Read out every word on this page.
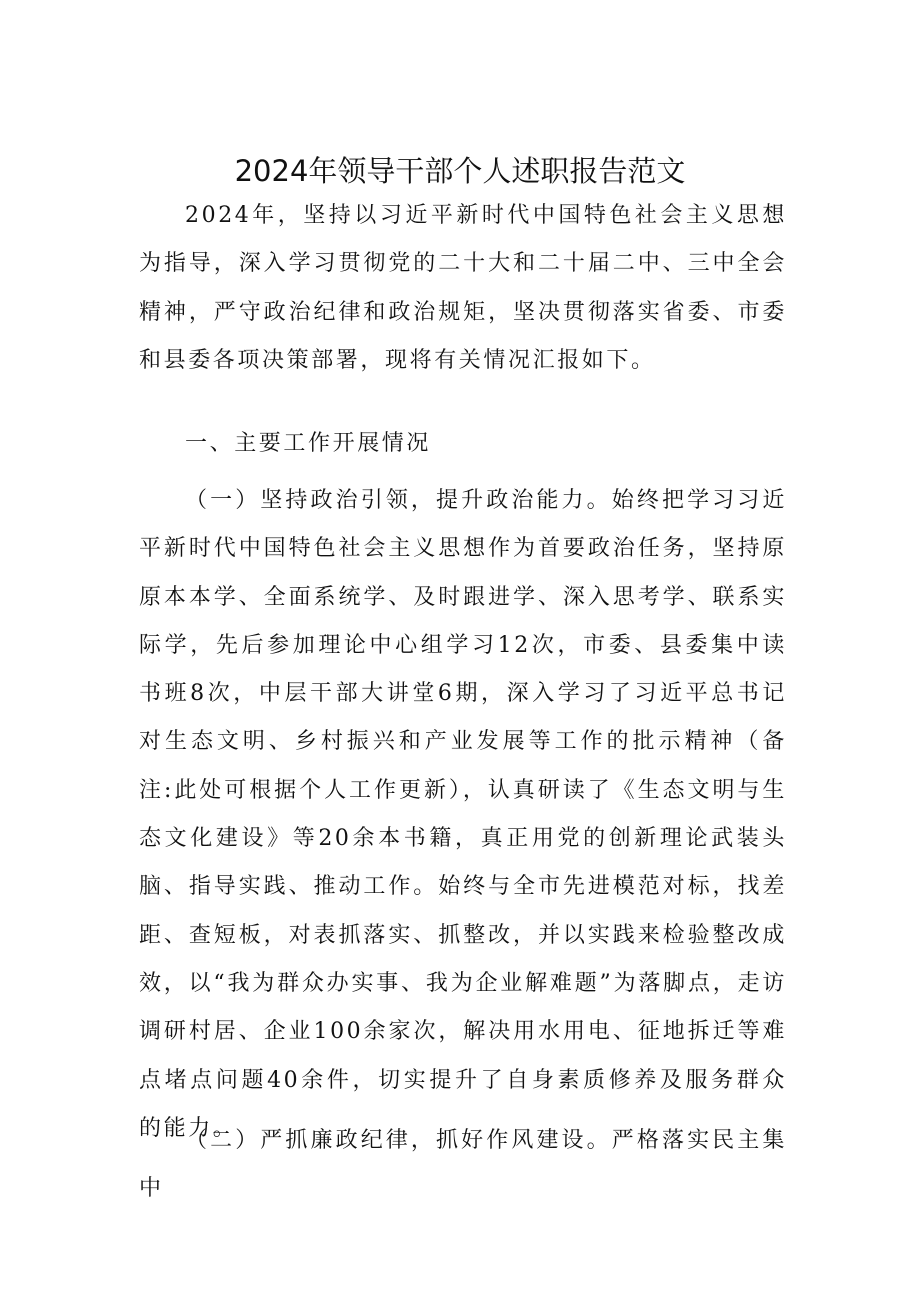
2024年领导干部个人述职报告范文

2024年，坚持以习近平新时代中国特色社会主义思想为指导，深入学习贯彻党的二十大和二十届二中、三中全会精神，严守政治纪律和政治规矩，坚决贯彻落实省委、市委和县委各项决策部署，现将有关情况汇报如下。

一、主要工作开展情况

（一）坚持政治引领，提升政治能力。始终把学习习近平新时代中国特色社会主义思想作为首要政治任务，坚持原原本本学、全面系统学、及时跟进学、深入思考学、联系实际学，先后参加理论中心组学习12次，市委、县委集中读书班8次，中层干部大讲堂6期，深入学习了习近平总书记对生态文明、乡村振兴和产业发展等工作的批示精神（备注:此处可根据个人工作更新），认真研读了《生态文明与生态文化建设》等20余本书籍，真正用党的创新理论武装头脑、指导实践、推动工作。始终与全市先进模范对标，找差距、查短板，对表抓落实、抓整改，并以实践来检验整改成效，以“我为群众办实事、我为企业解难题”为落脚点，走访调研村居、企业100余家次，解决用水用电、征地拆迁等难点堵点问题40余件，切实提升了自身素质修养及服务群众的能力。

（二）严抓廉政纪律，抓好作风建设。严格落实民主集中
